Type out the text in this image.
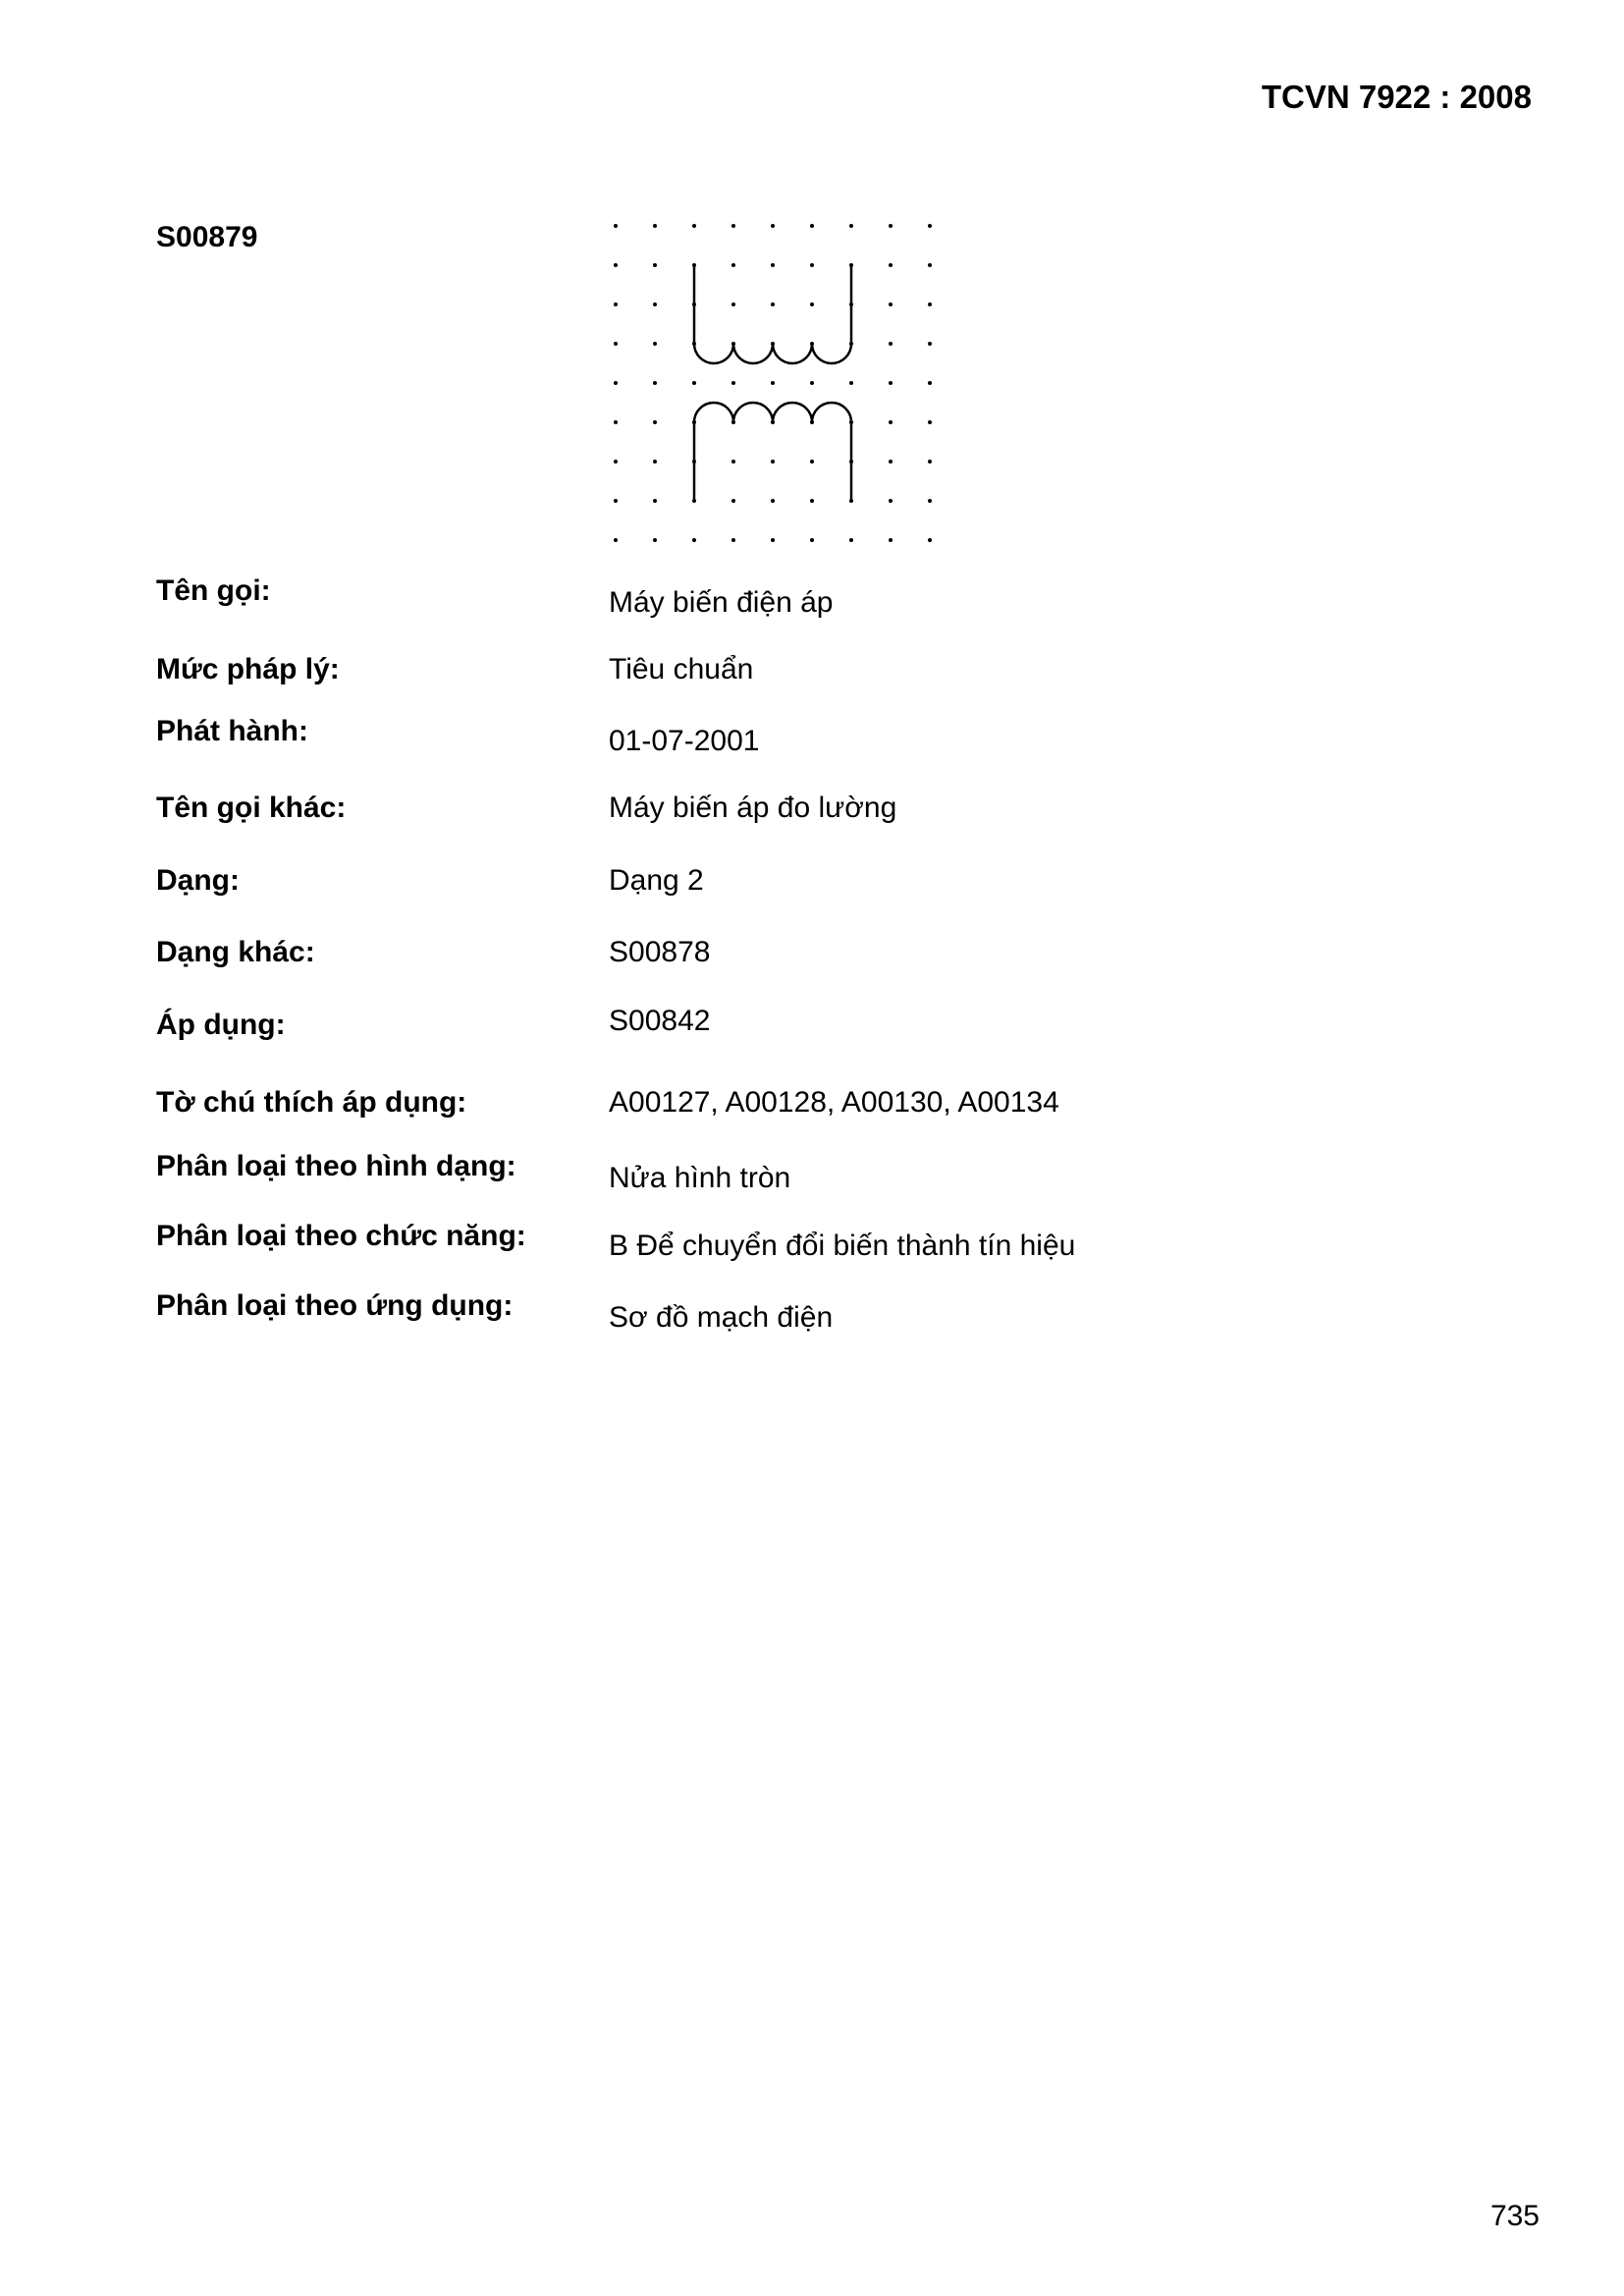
TCVN 7922 : 2008
S00879
Tên gọi:	Máy biến điện áp
Mức pháp lý:	Tiêu chuẩn
Phát hành:	01-07-2001
Tên gọi khác:	Máy biến áp đo lường
Dạng:	Dạng 2
Dạng khác:	S00878
Áp dụng:	S00842
Tờ chú thích áp dụng:	A00127, A00128, A00130, A00134
Phân loại theo hình dạng:	Nửa hình tròn
Phân loại theo chức năng:	B Để chuyển đổi biến thành tín hiệu
Phân loại theo ứng dụng:	Sơ đồ mạch điện
735
